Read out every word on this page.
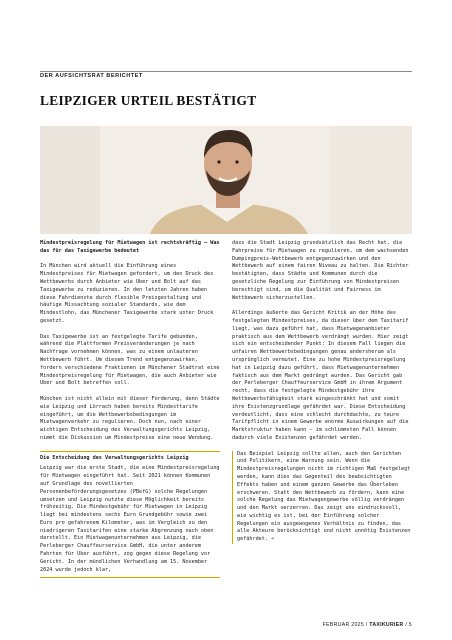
DER AUFSICHTSRAT BERICHTET
LEIPZIGER URTEIL BESTÄTIGT

Mindestpreisregelung für Mietwagen ist rechtskräftig – Was das für das Taxigewerbe bedeutet

In München wird aktuell die Einführung eines Mindestpreises für Mietwagen gefordert, um den Druck des Wettbewerbs durch Anbieter wie Uber und Bolt auf das Taxigewerbe zu reduzieren. In den letzten Jahren haben diese Fahrdienste durch flexible Preisgestaltung und häufige Missachtung sozialer Standards, wie dem Mindestlohn, das Münchener Taxigewerbe stark unter Druck gesetzt.

Das Taxigewerbe ist an festgelegte Tarife gebunden, während die Plattformen Preisveränderungen je nach Nachfrage vornehmen können, was zu einem unlauteren Wettbewerb führt. Um diesem Trend entgegenzuwirken, fordern verschiedene Fraktionen im Münchener Stadtrat eine Mindestpreisregelung für Mietwagen, die auch Anbieter wie Uber und Bolt betreffen soll.

München ist nicht allein mit dieser Forderung, denn Städte wie Leipzig und Lörrach haben bereits Mindesttarife eingeführt, um die Wettbewerbsbedingungen im Mietwagenverkehr zu regulieren. Doch nun, nach einer wichtigen Entscheidung des Verwaltungsgerichts Leipzig, nimmt die Diskussion um Mindestpreise eine neue Wendung.

Die Entscheidung des Verwaltungsgerichts Leipzig

Leipzig war die erste Stadt, die eine Mindestpreisregelung für Mietwagen eingeführt hat. Seit 2021 können Kommunen auf Grundlage des novellierten Personenbeförderungsgesetzes (PBefG) solche Regelungen umsetzen und Leipzig nutzte diese Möglichkeit bereits frühzeitig. Die Mindestgebühr für Mietwagen in Leipzig liegt bei mindestens sechs Euro Grundgebühr sowie zwei Euro pro gefahrenem Kilometer, was im Vergleich zu den niedrigeren Taxitarifen eine starke Abgrenzung nach oben darstellt. Ein Mietwagenunternehmen aus Leipzig, die Perleberger Chauffeurservice GmbH, die unter anderem Fahrten für Uber ausführt, zog gegen diese Regelung vor Gericht. In der mündlichen Verhandlung am 15. November 2024 wurde jedoch klar,

dass die Stadt Leipzig grundsätzlich das Recht hat, die Fahrpreise für Mietwagen zu regulieren, um dem wachsenden Dumpingpreis-Wettbewerb entgegenzuwirken und den Wettbewerb auf einem fairen Niveau zu halten. Die Richter bestätigten, dass Städte und Kommunen durch die gesetzliche Regelung zur Einführung von Mindestpreisen berechtigt sind, um die Qualität und Fairness im Wettbewerb sicherzustellen.

Allerdings äußerte das Gericht Kritik an der Höhe des festgelegten Mindestpreises, da dieser über dem Taxitarif liegt, was dazu geführt hat, dass Mietwagenanbieter praktisch aus dem Wettbewerb verdrängt wurden. Hier zeigt sich ein entscheidender Punkt: In diesem Fall liegen die unfairen Wettbewerbsbedingungen genau andersherum als ursprünglich vermutet. Eine zu hohe Mindestpreisregelung hat in Leipzig dazu geführt, dass Mietwagenunternehmen faktisch aus dem Markt gedrängt wurden. Das Gericht gab der Perleberger Chauffeurservice GmbH in ihrem Argument recht, dass die festgelegte Mindestgebühr ihre Wettbewerbsfähigkeit stark eingeschränkt hat und somit ihre Existenzgrundlage gefährdet war. Diese Entscheidung verdeutlicht, dass eine schlecht durchdachte, zu teure Tarifpflicht in einem Gewerbe enorme Auswirkungen auf die Marktstruktur haben kann – im schlimmsten Fall können dadurch viele Existenzen gefährdet werden.

Das Beispiel Leipzig sollte allen, auch den Gerichten und Politikern, eine Warnung sein. Wenn die Mindestpreisregelungen nicht im richtigen Maß festgelegt werden, kann dies das Gegenteil des beabsichtigten Effekts haben und einem ganzen Gewerbe das Überleben erschweren. Statt den Wettbewerb zu fördern, kann eine solche Regelung das Mietwagengewerbe völlig verdrängen und den Markt verzerren. Das zeigt uns eindrucksvoll, wie wichtig es ist, bei der Einführung solcher Regelungen ein ausgewogenes Verhältnis zu finden, das alle Akteure berücksichtigt und nicht unnötig Existenzen gefährdet. ➔

FEBRUAR 2025 / TAXIKURIER / 5
